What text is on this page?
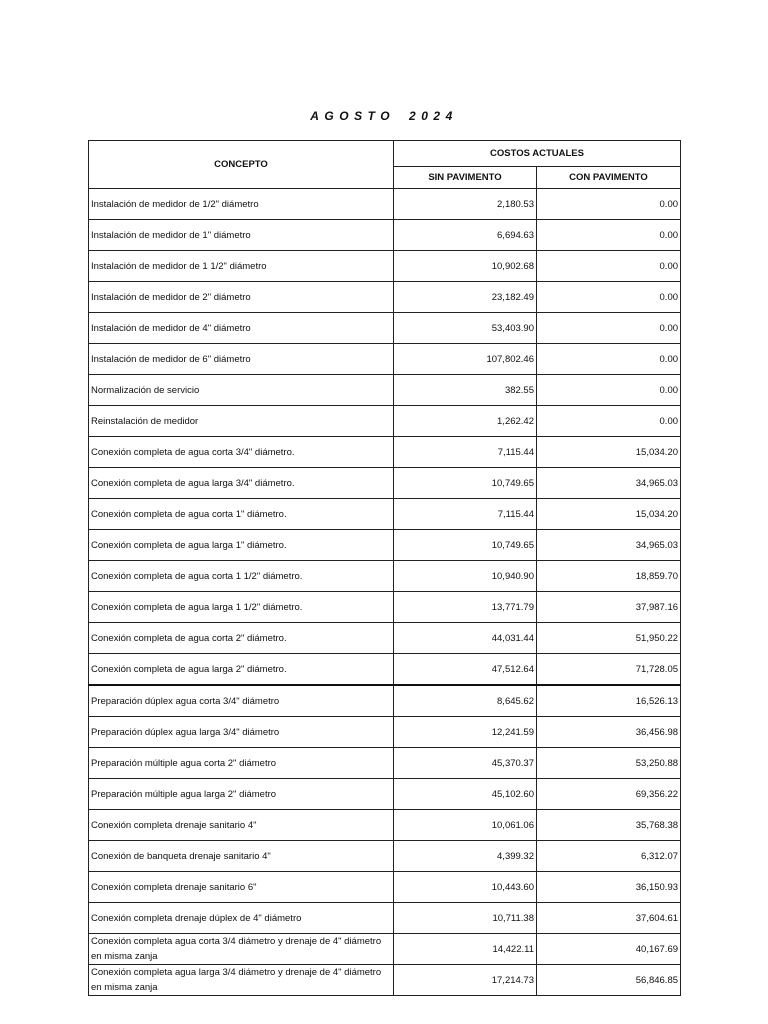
AGOSTO 2024
CONCEPTO	COSTOS ACTUALES	
	SIN PAVIMENTO	CON PAVIMENTO
Instalación de medidor de 1/2" diámetro	2,180.53	0.00
Instalación de medidor de 1" diámetro	6,694.63	0.00
Instalación de medidor de 1 1/2" diámetro	10,902.68	0.00
Instalación de medidor de 2" diámetro	23,182.49	0.00
Instalación de medidor de 4" diámetro	53,403.90	0.00
Instalación de medidor de 6" diámetro	107,802.46	0.00
Normalización de servicio	382.55	0.00
Reinstalación de medidor	1,262.42	0.00
Conexión completa de agua corta 3/4" diámetro.	7,115.44	15,034.20
Conexión completa de agua larga 3/4" diámetro.	10,749.65	34,965.03
Conexión completa de agua corta 1" diámetro.	7,115.44	15,034.20
Conexión completa de agua larga 1" diámetro.	10,749.65	34,965.03
Conexión completa de agua corta 1 1/2" diámetro.	10,940.90	18,859.70
Conexión completa de agua larga 1 1/2" diámetro.	13,771.79	37,987.16
Conexión completa de agua corta 2" diámetro.	44,031.44	51,950.22
Conexión completa de agua larga 2" diámetro.	47,512.64	71,728.05
Preparación dúplex agua corta 3/4" diámetro	8,645.62	16,526.13
Preparación dúplex agua larga 3/4" diámetro	12,241.59	36,456.98
Preparación múltiple agua corta 2" diámetro	45,370.37	53,250.88
Preparación múltiple agua larga 2" diámetro	45,102.60	69,356.22
Conexión completa drenaje sanitario 4"	10,061.06	35,768.38
Conexión de banqueta drenaje sanitario 4"	4,399.32	6,312.07
Conexión completa drenaje sanitario 6"	10,443.60	36,150.93
Conexión completa drenaje dúplex de 4" diámetro	10,711.38	37,604.61
Conexión completa agua corta 3/4 diámetro y drenaje de 4" diámetro en misma zanja	14,422.11	40,167.69
Conexión completa agua larga 3/4 diámetro y drenaje de 4" diámetro en misma zanja	17,214.73	56,846.85
